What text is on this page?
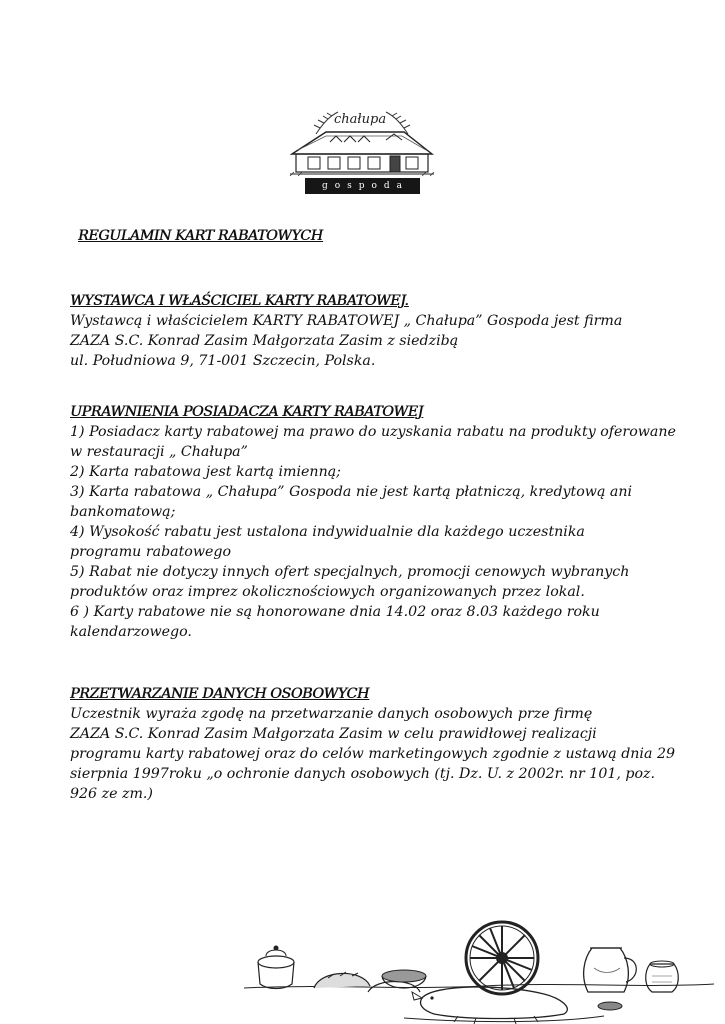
chałupa
gospoda
REGULAMIN KART RABATOWYCH

WYSTAWCA I WŁAŚCICIEL KARTY RABATOWEJ.

Wystawcą i właścicielem KARTY RABATOWEJ „ Chałupa” Gospoda jest firma

ZAZA S.C. Konrad Zasim Małgorzata Zasim z siedzibą

ul. Południowa 9, 71-001 Szczecin, Polska.

UPRAWNIENIA POSIADACZA KARTY RABATOWEJ

1) Posiadacz karty rabatowej ma prawo do uzyskania rabatu na produkty oferowane

w restauracji „ Chałupa”

2) Karta rabatowa jest kartą imienną;

3) Karta rabatowa „ Chałupa” Gospoda nie jest kartą płatniczą, kredytową ani

bankomatową;

4) Wysokość rabatu jest ustalona indywidualnie dla każdego uczestnika

programu rabatowego

5) Rabat nie dotyczy innych ofert specjalnych, promocji cenowych wybranych

produktów oraz imprez okolicznościowych organizowanych przez lokal.

6 ) Karty rabatowe nie są honorowane dnia 14.02 oraz 8.03 każdego roku

kalendarzowego.

PRZETWARZANIE DANYCH OSOBOWYCH

Uczestnik wyraża zgodę na przetwarzanie danych osobowych prze firmę

ZAZA S.C. Konrad Zasim Małgorzata Zasim w celu prawidłowej realizacji

programu karty rabatowej oraz do celów marketingowych zgodnie z ustawą dnia 29

sierpnia 1997roku „o ochronie danych osobowych (tj. Dz. U. z 2002r. nr 101, poz.

926 ze zm.)
